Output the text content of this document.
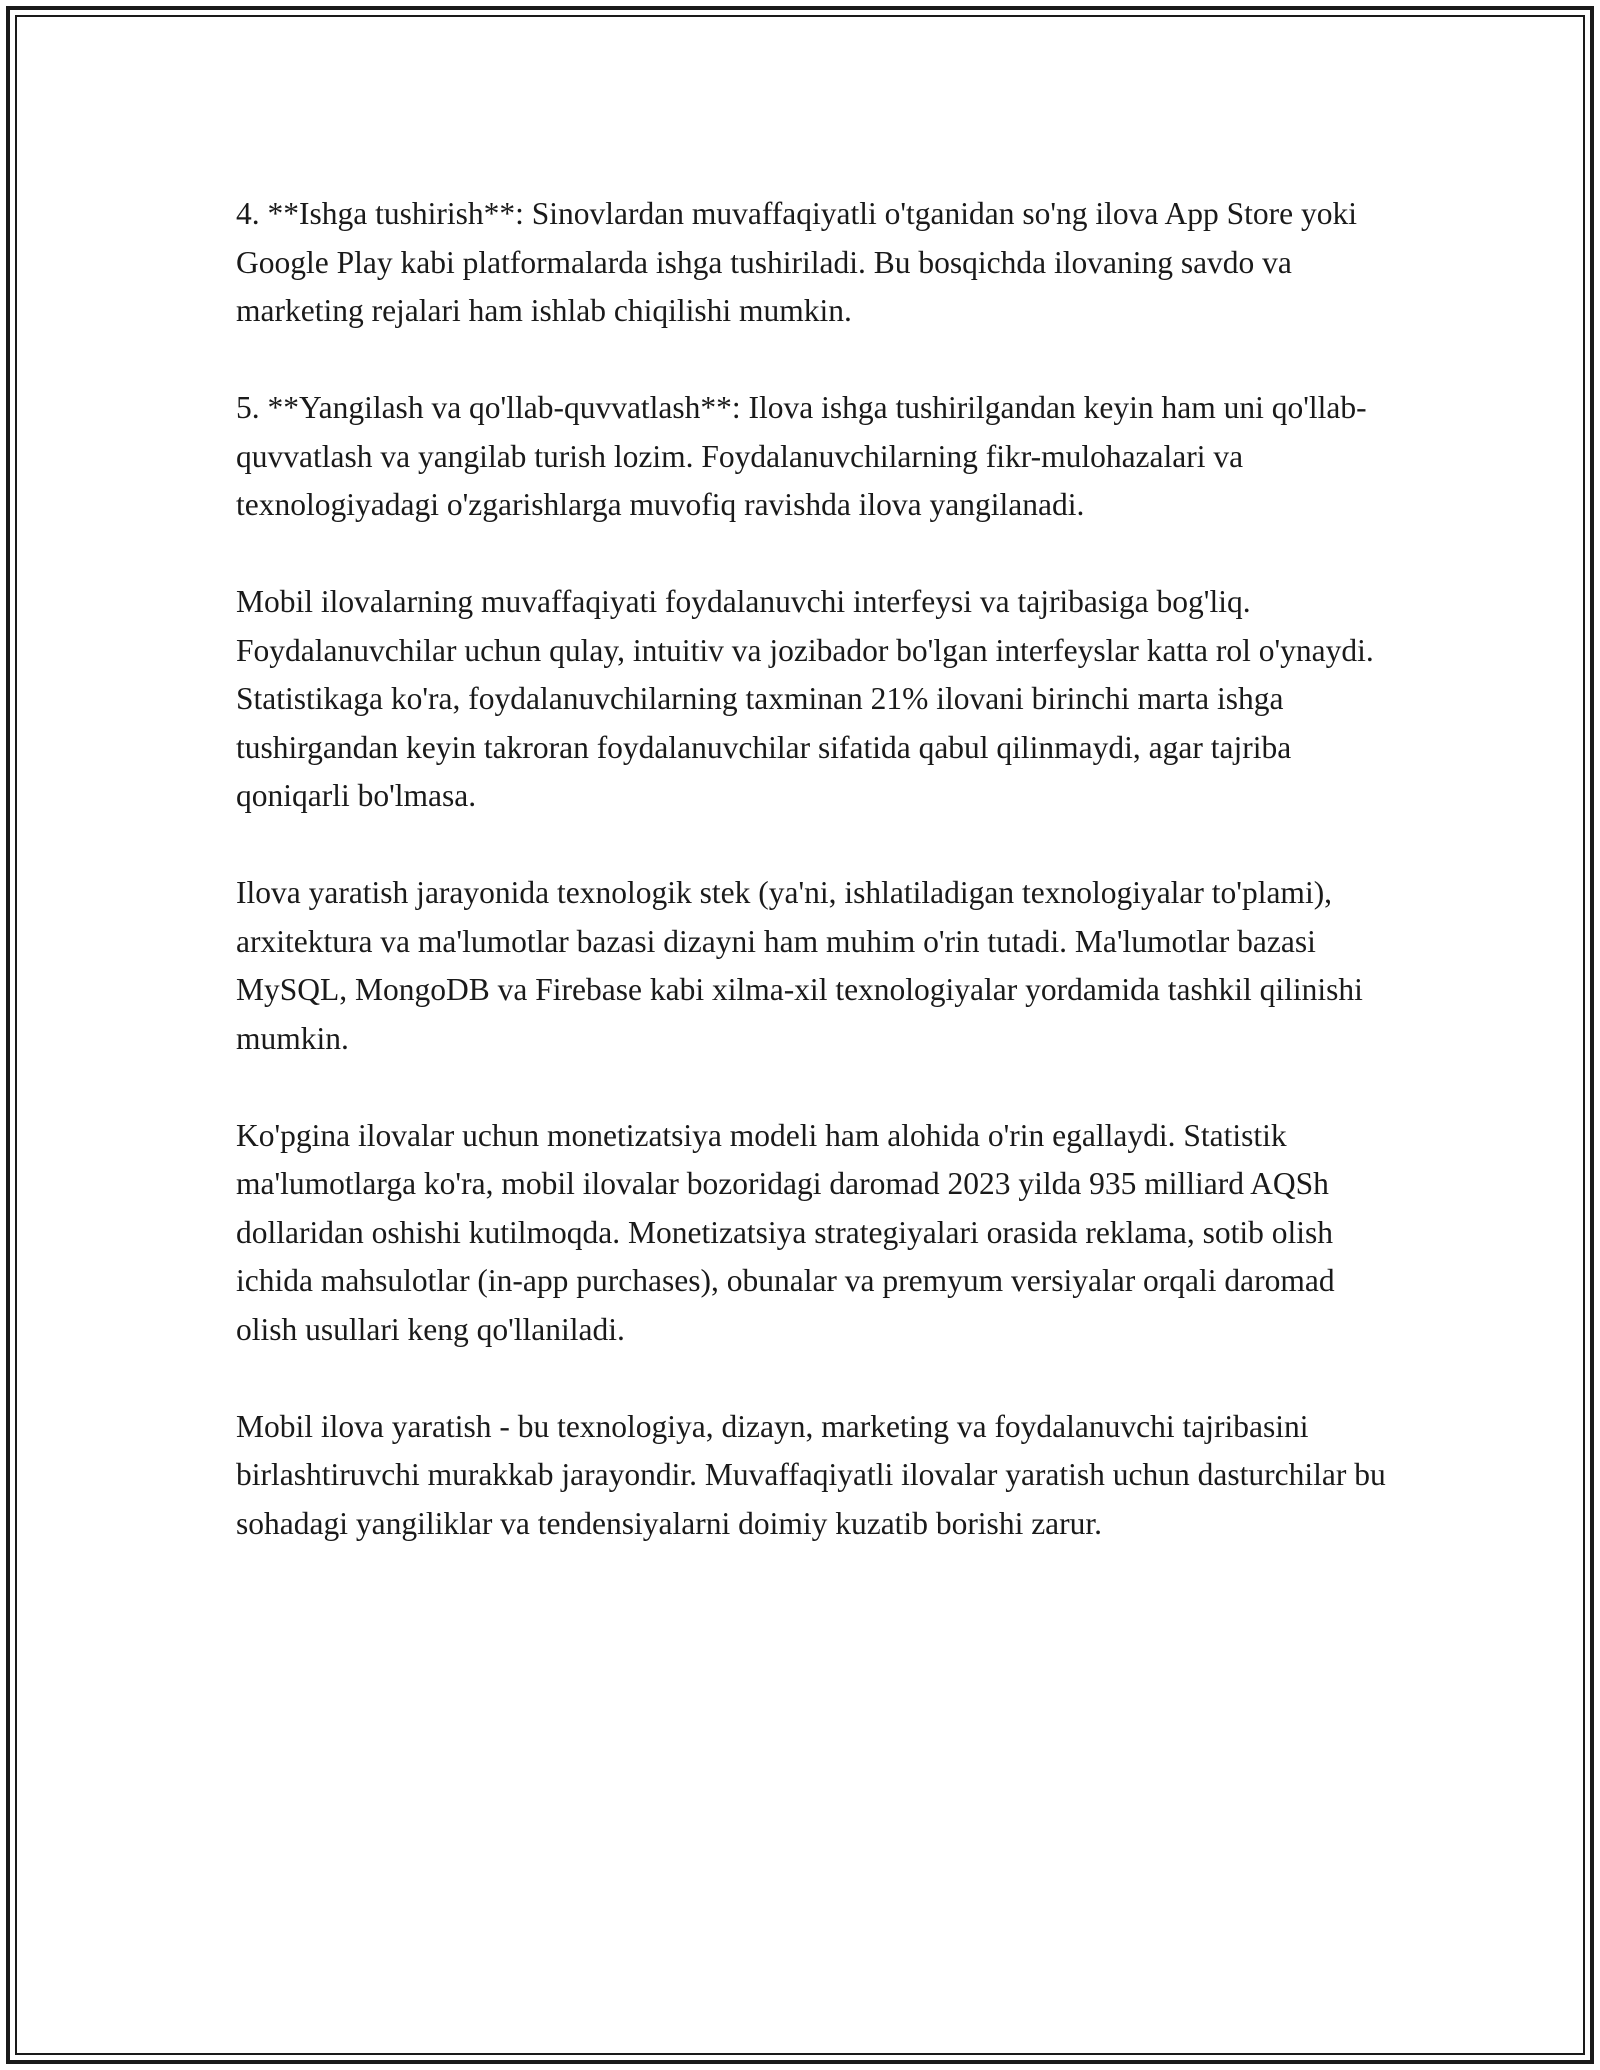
4. **Ishga tushirish**: Sinovlardan muvaffaqiyatli o'tganidan so'ng ilova App Store yoki Google Play kabi platformalarda ishga tushiriladi. Bu bosqichda ilovaning savdo va marketing rejalari ham ishlab chiqilishi mumkin.

5. **Yangilash va qo'llab-quvvatlash**: Ilova ishga tushirilgandan keyin ham uni qo'llab-quvvatlash va yangilab turish lozim. Foydalanuvchilarning fikr-mulohazalari va texnologiyadagi o'zgarishlarga muvofiq ravishda ilova yangilanadi.

Mobil ilovalarning muvaffaqiyati foydalanuvchi interfeysi va tajribasiga bog'liq. Foydalanuvchilar uchun qulay, intuitiv va jozibador bo'lgan interfeyslar katta rol o'ynaydi. Statistikaga ko'ra, foydalanuvchilarning taxminan 21% ilovani birinchi marta ishga tushirgandan keyin takroran foydalanuvchilar sifatida qabul qilinmaydi, agar tajriba qoniqarli bo'lmasa.

Ilova yaratish jarayonida texnologik stek (ya'ni, ishlatiladigan texnologiyalar to'plami), arxitektura va ma'lumotlar bazasi dizayni ham muhim o'rin tutadi. Ma'lumotlar bazasi MySQL, MongoDB va Firebase kabi xilma-xil texnologiyalar yordamida tashkil qilinishi mumkin.

Ko'pgina ilovalar uchun monetizatsiya modeli ham alohida o'rin egallaydi. Statistik ma'lumotlarga ko'ra, mobil ilovalar bozoridagi daromad 2023 yilda 935 milliard AQSh dollaridan oshishi kutilmoqda. Monetizatsiya strategiyalari orasida reklama, sotib olish ichida mahsulotlar (in-app purchases), obunalar va premyum versiyalar orqali daromad olish usullari keng qo'llaniladi.

Mobil ilova yaratish - bu texnologiya, dizayn, marketing va foydalanuvchi tajribasini birlashtiruvchi murakkab jarayondir. Muvaffaqiyatli ilovalar yaratish uchun dasturchilar bu sohadagi yangiliklar va tendensiyalarni doimiy kuzatib borishi zarur.
